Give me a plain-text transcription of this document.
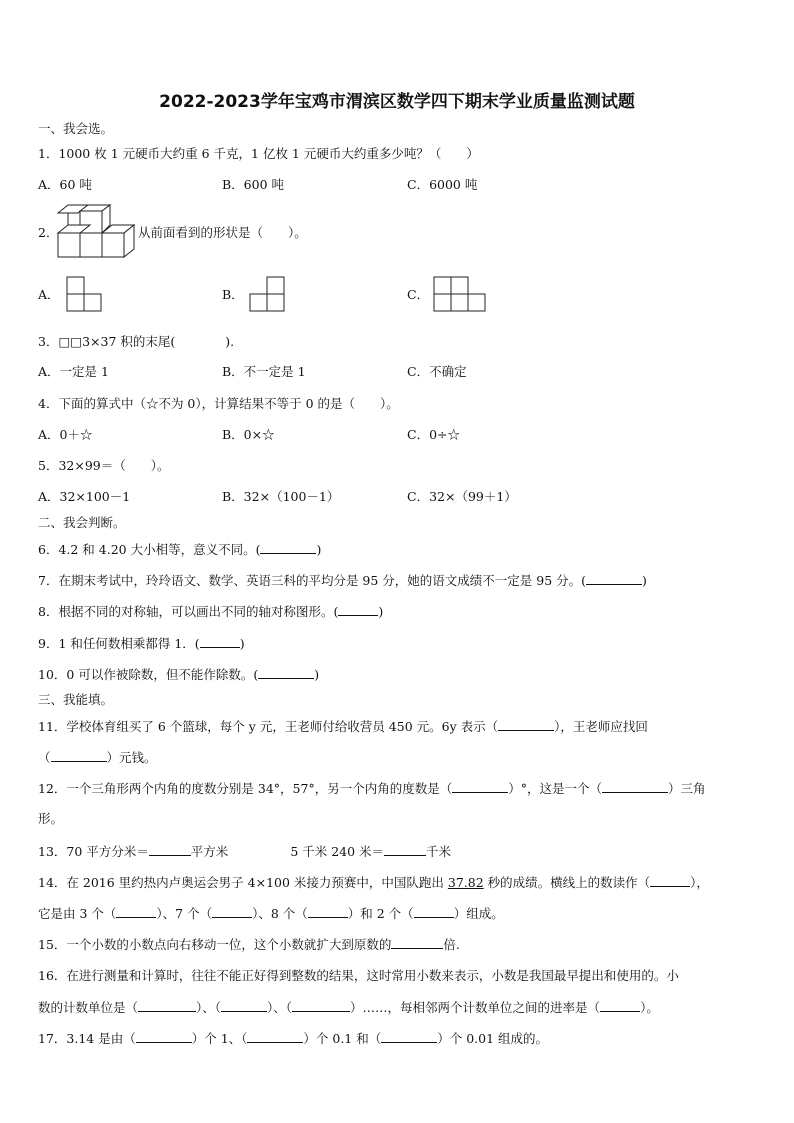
2022-2023学年宝鸡市渭滨区数学四下期末学业质量监测试题
一、我会选。
1．1000 枚 1 元硬币大约重 6 千克，1 亿枚 1 元硬币大约重多少吨？（　　）
A．60 吨	B．600 吨	C．6000 吨
2．	从前面看到的形状是（　　）。
A．	B．	C．
3．□□3×37 积的末尾(　　　　).
A．一定是 1	B．不一定是 1	C．不确定
4．下面的算式中（☆不为 0），计算结果不等于 0 的是（　　）。
A．0＋☆	B．0×☆	C．0÷☆
5．32×99＝（　　）。
A．32×100－1	B．32×（100－1）	C．32×（99＋1）
二、我会判断。
6．4.2 和 4.20 大小相等，意义不同。(	)
7．在期末考试中，玲玲语文、数学、英语三科的平均分是 95 分，她的语文成绩不一定是 95 分。(	)
8．根据不同的对称轴，可以画出不同的轴对称图形。(	)
9．1 和任何数相乘都得 1．(	)
10．0 可以作被除数，但不能作除数。(	)
三、我能填。
11．学校体育组买了 6 个篮球，每个 y 元，王老师付给收营员 450 元。6y 表示（	），王老师应找回
（	）元钱。
12．一个三角形两个内角的度数分别是 34°，57°，另一个内角的度数是（	）°，这是一个（	）三角
形。
13．70 平方分米＝	平方米	5 千米 240 米＝	千米
14．在 2016 里约热内卢奥运会男子 4×100 米接力预赛中，中国队跑出 37.82 秒的成绩。横线上的数读作（	），
它是由 3 个（	）、7 个（	）、8 个（	）和 2 个（	）组成。
15．一个小数的小数点向右移动一位，这个小数就扩大到原数的	倍.
16．在进行测量和计算时，往往不能正好得到整数的结果，这时常用小数来表示，小数是我国最早提出和使用的。小
数的计数单位是（	）、（	）、（	）……，每相邻两个计数单位之间的进率是（	）。
17．3.14 是由（	）个 1、（	）个 0.1 和（	）个 0.01 组成的。
